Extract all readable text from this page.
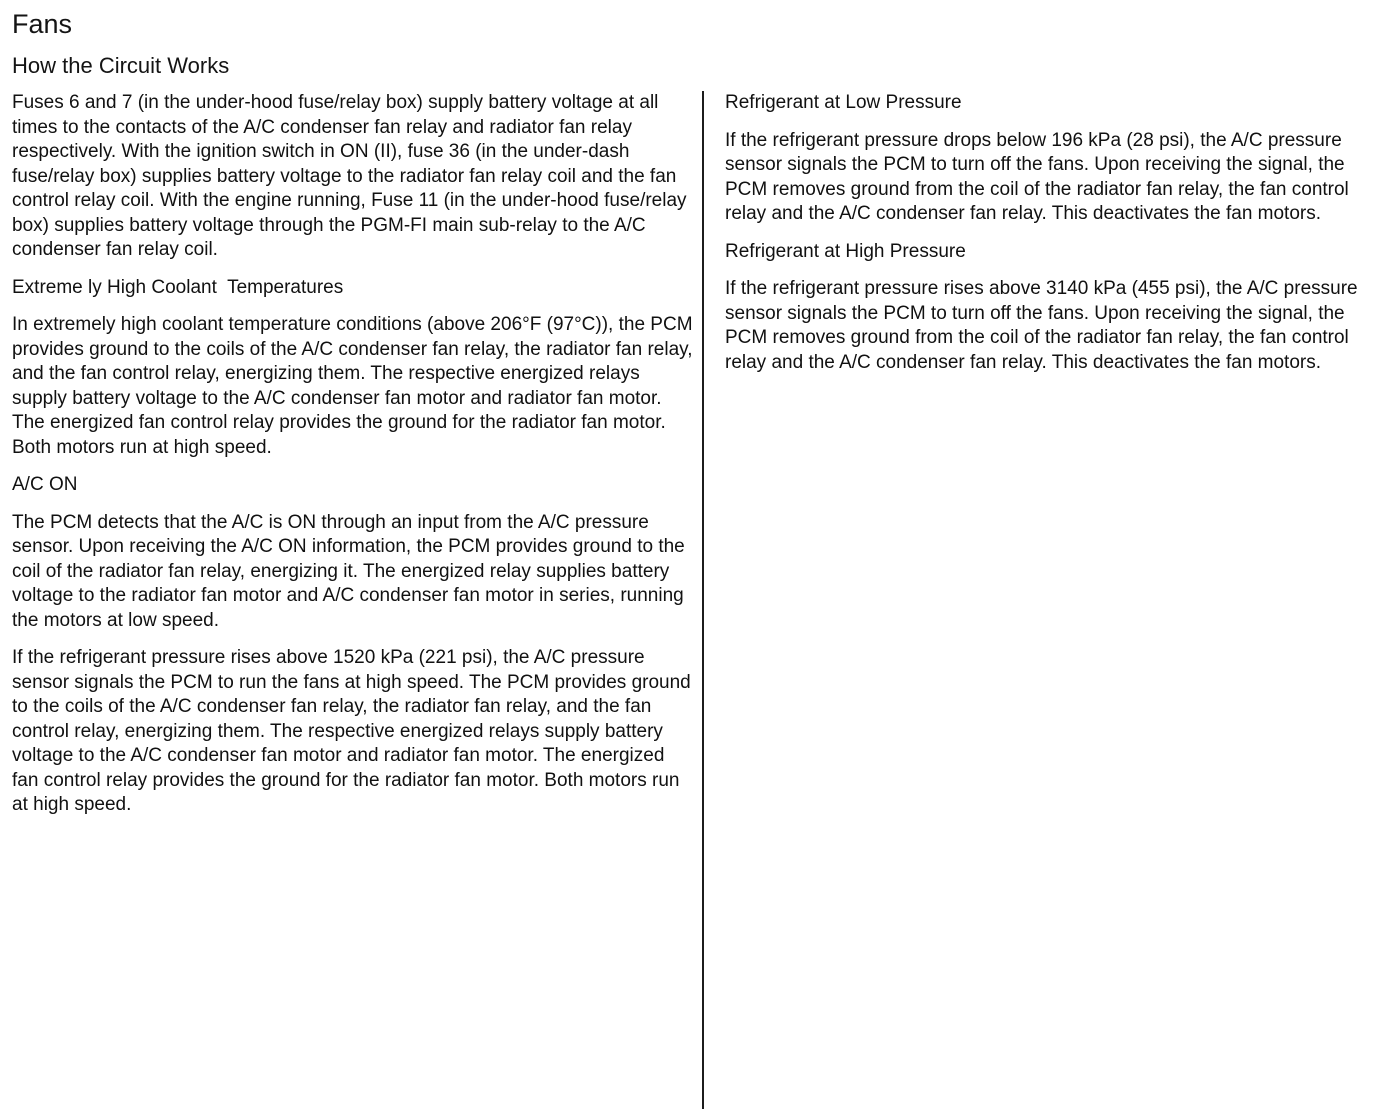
Fans
How the Circuit Works

Fuses 6 and 7 (in the under-hood fuse/relay box) supply battery voltage at all times to the contacts of the A/C condenser fan relay and radiator fan relay respectively. With the ignition switch in ON (II), fuse 36 (in the under-dash fuse/relay box) supplies battery voltage to the radiator fan relay coil and the fan control relay coil. With the engine running, Fuse 11 (in the under-hood fuse/relay box) supplies battery voltage through the PGM-FI main sub-relay to the A/C condenser fan relay coil.

Extreme ly High Coolant  Temperatures

In extremely high coolant temperature conditions (above 206°F (97°C)), the PCM provides ground to the coils of the A/C condenser fan relay, the radiator fan relay, and the fan control relay, energizing them. The respective energized relays supply battery voltage to the A/C condenser fan motor and radiator fan motor. The energized fan control relay provides the ground for the radiator fan motor. Both motors run at high speed.

A/C ON

The PCM detects that the A/C is ON through an input from the A/C pressure sensor. Upon receiving the A/C ON information, the PCM provides ground to the coil of the radiator fan relay, energizing it. The energized relay supplies battery voltage to the radiator fan motor and A/C condenser fan motor in series, running the motors at low speed.

If the refrigerant pressure rises above 1520 kPa (221 psi), the A/C pressure sensor signals the PCM to run the fans at high speed. The PCM provides ground to the coils of the A/C condenser fan relay, the radiator fan relay, and the fan control relay, energizing them. The respective energized relays supply battery voltage to the A/C condenser fan motor and radiator fan motor. The energized fan control relay provides the ground for the radiator fan motor. Both motors run at high speed.

Refrigerant at Low Pressure

If the refrigerant pressure drops below 196 kPa (28 psi), the A/C pressure sensor signals the PCM to turn off the fans. Upon receiving the signal, the PCM removes ground from the coil of the radiator fan relay, the fan control relay and the A/C condenser fan relay. This deactivates the fan motors.

Refrigerant at High Pressure

If the refrigerant pressure rises above 3140 kPa (455 psi), the A/C pressure sensor signals the PCM to turn off the fans. Upon receiving the signal, the PCM removes ground from the coil of the radiator fan relay, the fan control relay and the A/C condenser fan relay. This deactivates the fan motors.
